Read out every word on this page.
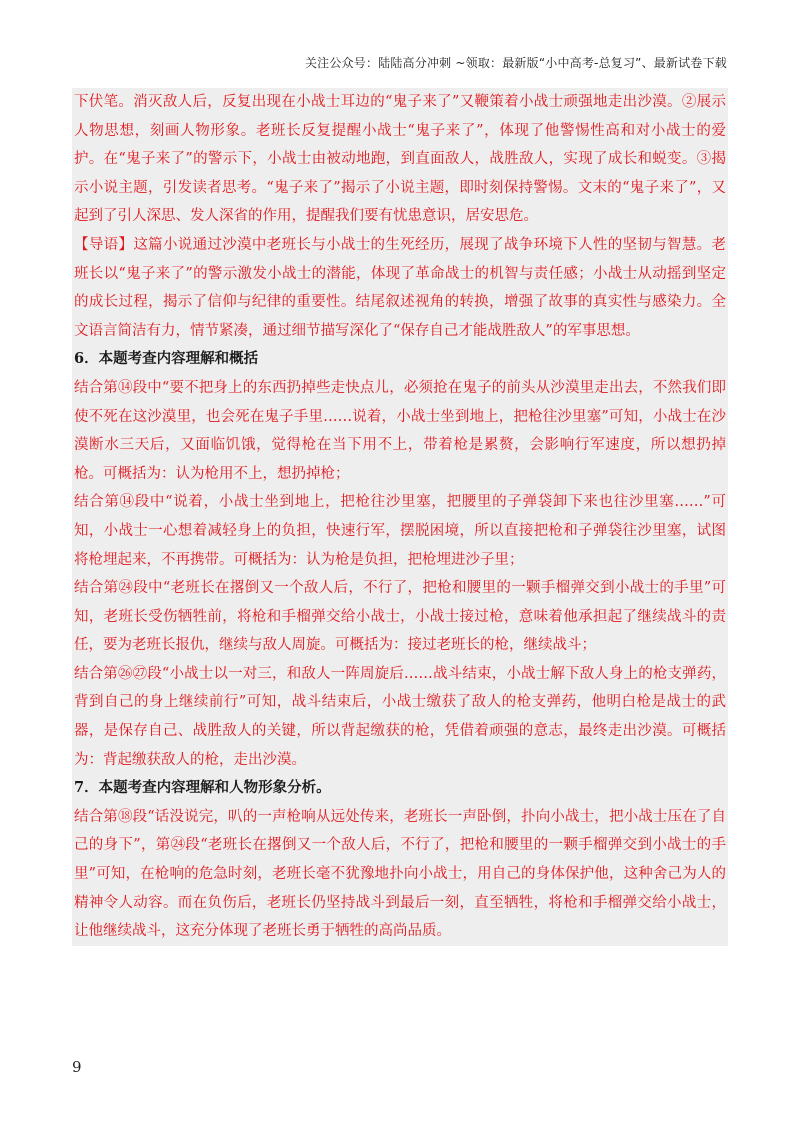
关注公众号：陆陆高分冲刺 ~领取：最新版“小中高考-总复习”、最新试卷下载

下伏笔。消灭敌人后，反复出现在小战士耳边的“鬼子来了”又鞭策着小战士顽强地走出沙漠。②展示人物思想，刻画人物形象。老班长反复提醒小战士“鬼子来了”，体现了他警惕性高和对小战士的爱护。在“鬼子来了”的警示下，小战士由被动地跑，到直面敌人，战胜敌人，实现了成长和蜕变。③揭示小说主题，引发读者思考。“鬼子来了”揭示了小说主题，即时刻保持警惕。文末的“鬼子来了”，又起到了引人深思、发人深省的作用，提醒我们要有忧患意识，居安思危。

【导语】这篇小说通过沙漠中老班长与小战士的生死经历，展现了战争环境下人性的坚韧与智慧。老班长以“鬼子来了”的警示激发小战士的潜能，体现了革命战士的机智与责任感；小战士从动摇到坚定的成长过程，揭示了信仰与纪律的重要性。结尾叙述视角的转换，增强了故事的真实性与感染力。全文语言简洁有力，情节紧凑，通过细节描写深化了“保存自己才能战胜敌人”的军事思想。

6．本题考查内容理解和概括

结合第⑭段中“要不把身上的东西扔掉些走快点儿，必须抢在鬼子的前头从沙漠里走出去，不然我们即使不死在这沙漠里，也会死在鬼子手里……说着，小战士坐到地上，把枪往沙里塞”可知，小战士在沙漠断水三天后，又面临饥饿，觉得枪在当下用不上，带着枪是累赘，会影响行军速度，所以想扔掉枪。可概括为：认为枪用不上，想扔掉枪；

结合第⑭段中“说着，小战士坐到地上，把枪往沙里塞，把腰里的子弹袋卸下来也往沙里塞……”可知，小战士一心想着减轻身上的负担，快速行军，摆脱困境，所以直接把枪和子弹袋往沙里塞，试图将枪埋起来，不再携带。可概括为：认为枪是负担，把枪埋进沙子里；

结合第㉔段中“老班长在撂倒又一个敌人后，不行了，把枪和腰里的一颗手榴弹交到小战士的手里”可知，老班长受伤牺牲前，将枪和手榴弹交给小战士，小战士接过枪，意味着他承担起了继续战斗的责任，要为老班长报仇，继续与敌人周旋。可概括为：接过老班长的枪，继续战斗；

结合第㉖㉗段“小战士以一对三，和敌人一阵周旋后……战斗结束，小战士解下敌人身上的枪支弹药，背到自己的身上继续前行”可知，战斗结束后，小战士缴获了敌人的枪支弹药，他明白枪是战士的武器，是保存自己、战胜敌人的关键，所以背起缴获的枪，凭借着顽强的意志，最终走出沙漠。可概括为：背起缴获敌人的枪，走出沙漠。

7．本题考查内容理解和人物形象分析。

结合第⑱段“话没说完，叭的一声枪响从远处传来，老班长一声卧倒，扑向小战士，把小战士压在了自己的身下”，第㉔段“老班长在撂倒又一个敌人后，不行了，把枪和腰里的一颗手榴弹交到小战士的手里”可知，在枪响的危急时刻，老班长毫不犹豫地扑向小战士，用自己的身体保护他，这种舍己为人的精神令人动容。而在负伤后，老班长仍坚持战斗到最后一刻，直至牺牲，将枪和手榴弹交给小战士，让他继续战斗，这充分体现了老班长勇于牺牲的高尚品质。

9
